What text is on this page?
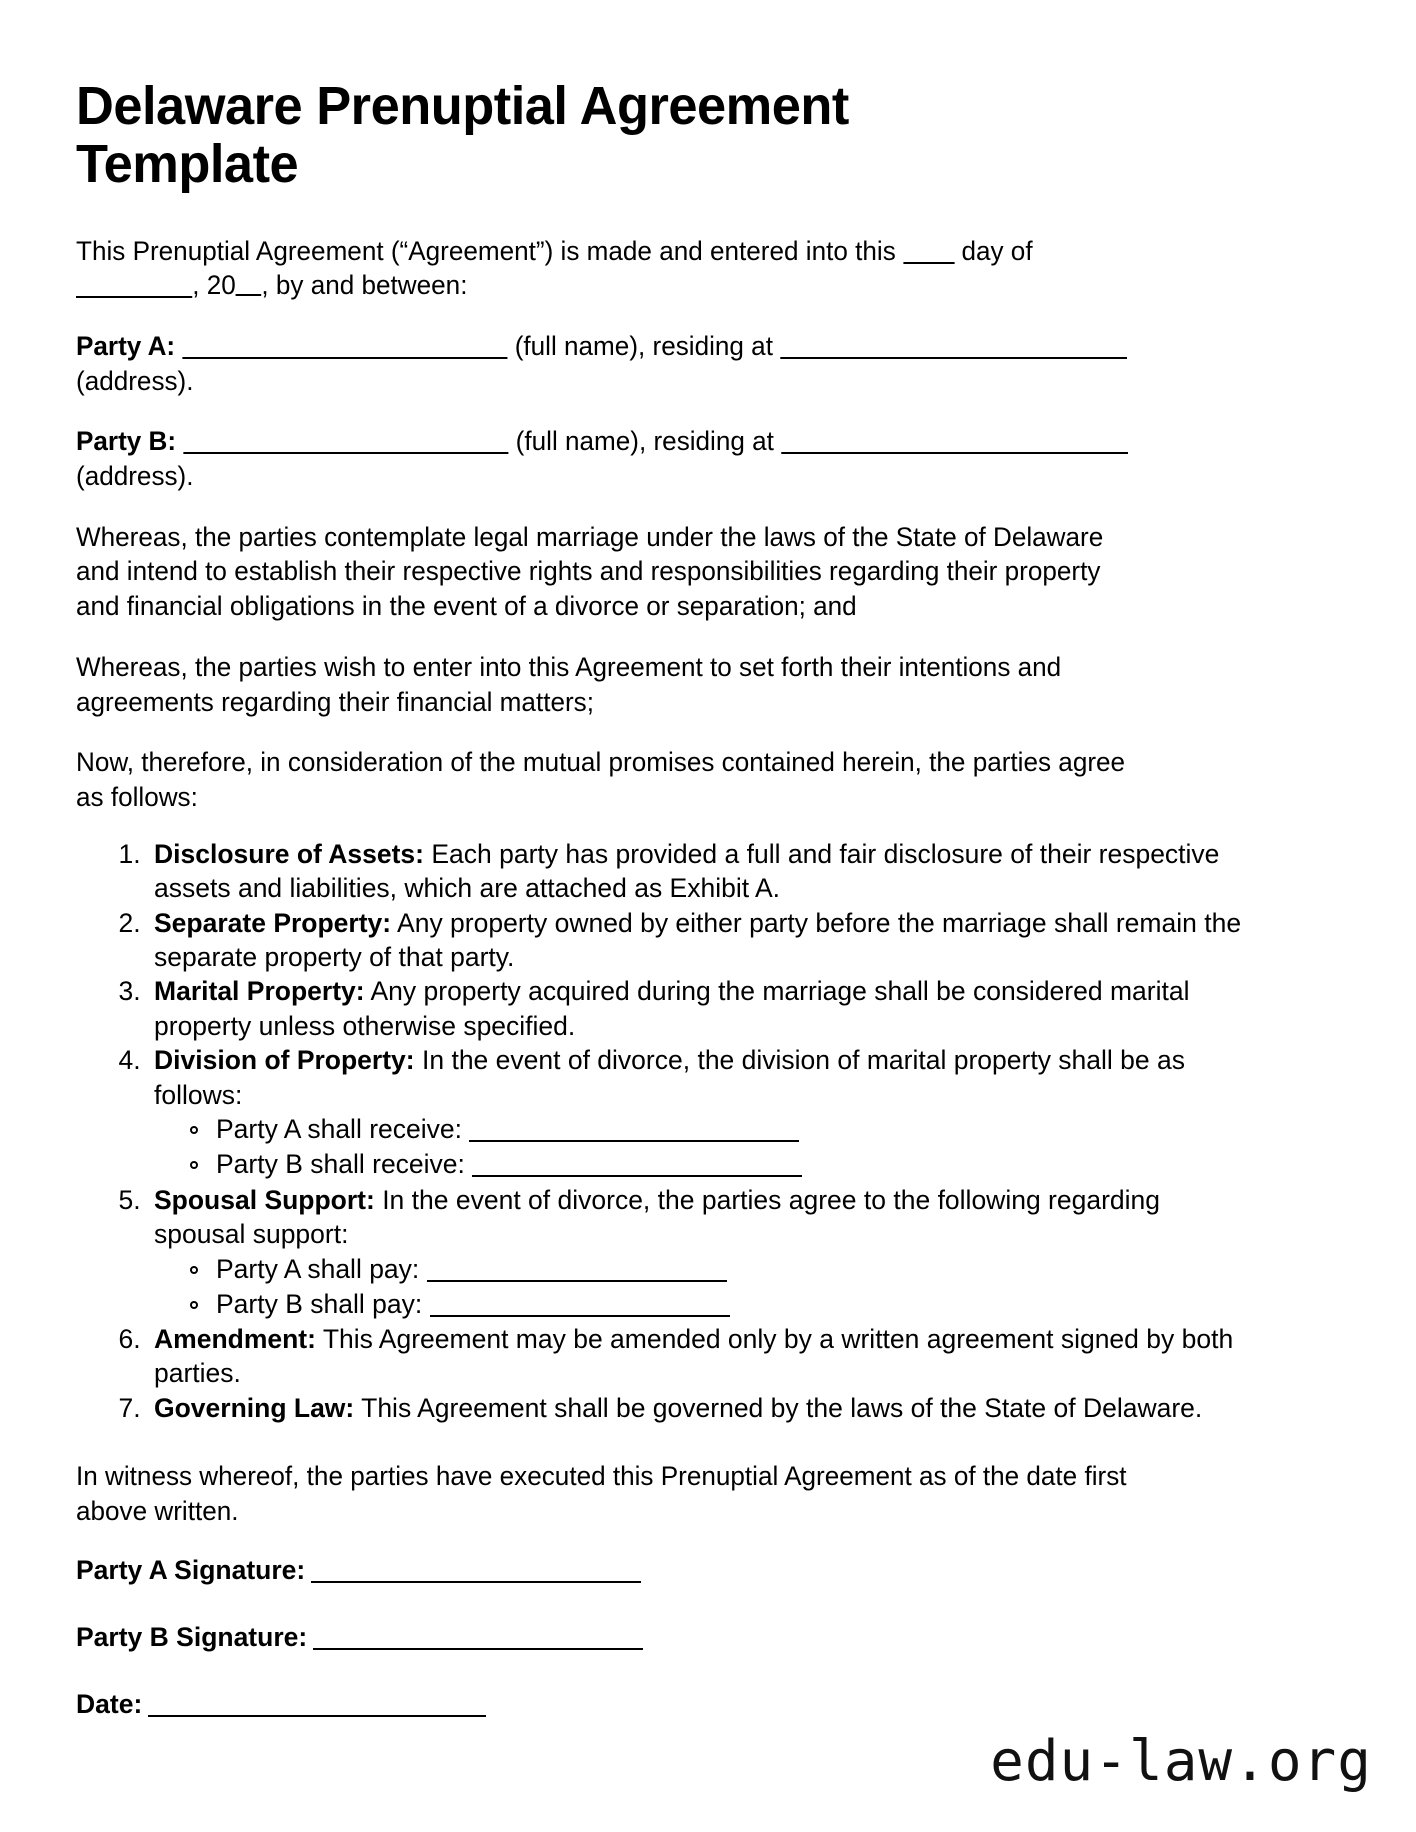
Delaware Prenuptial Agreement Template

This Prenuptial Agreement (“Agreement”) is made and entered into this  day of
, 20 , by and between:

Party A:	(full name), residing at  (address).

Party B:	(full name), residing at  (address).

Whereas, the parties contemplate legal marriage under the laws of the State of Delaware and intend to establish their respective rights and responsibilities regarding their property and financial obligations in the event of a divorce or separation; and

Whereas, the parties wish to enter into this Agreement to set forth their intentions and agreements regarding their financial matters;

Now, therefore, in consideration of the mutual promises contained herein, the parties agree as follows:

1. Disclosure of Assets: Each party has provided a full and fair disclosure of their respective assets and liabilities, which are attached as Exhibit A.
2. Separate Property: Any property owned by either party before the marriage shall remain the separate property of that party.
3. Marital Property: Any property acquired during the marriage shall be considered marital property unless otherwise specified.
4. Division of Property: In the event of divorce, the division of marital property shall be as follows:
Party A shall receive:
Party B shall receive:
5. Spousal Support: In the event of divorce, the parties agree to the following regarding spousal support:
Party A shall pay:
Party B shall pay:
6. Amendment: This Agreement may be amended only by a written agreement signed by both parties.
7. Governing Law: This Agreement shall be governed by the laws of the State of Delaware.

In witness whereof, the parties have executed this Prenuptial Agreement as of the date first above written.

Party A Signature:
Party B Signature:
Date:
edu-law.org
